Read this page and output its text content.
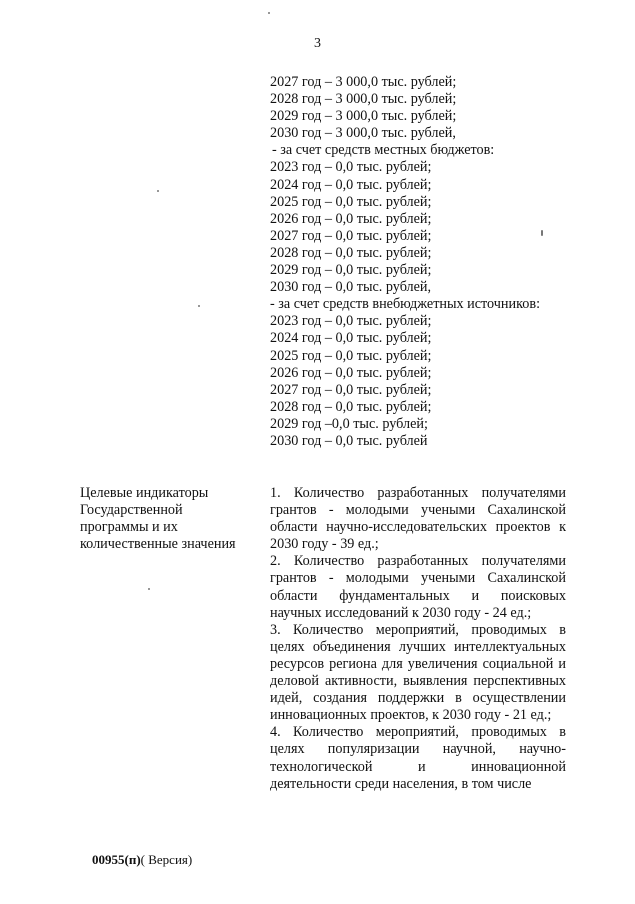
3
2027 год – 3 000,0 тыс. рублей;
2028 год – 3 000,0 тыс. рублей;
2029 год – 3 000,0 тыс. рублей;
2030 год – 3 000,0 тыс. рублей,
- за счет средств местных бюджетов:
2023 год – 0,0 тыс. рублей;
2024 год – 0,0 тыс. рублей;
2025 год – 0,0 тыс. рублей;
2026 год – 0,0 тыс. рублей;
2027 год – 0,0 тыс. рублей;
2028 год – 0,0 тыс. рублей;
2029 год – 0,0 тыс. рублей;
2030 год – 0,0 тыс. рублей,
- за счет средств внебюджетных источников:
2023 год – 0,0 тыс. рублей;
2024 год – 0,0 тыс. рублей;
2025 год – 0,0 тыс. рублей;
2026 год – 0,0 тыс. рублей;
2027 год – 0,0 тыс. рублей;
2028 год – 0,0 тыс. рублей;
2029 год –0,0 тыс. рублей;
2030 год – 0,0 тыс. рублей
Целевые индикаторы
Государственной
программы и их
количественные значения
1. Количество разработанных получателями грантов - молодыми учеными Сахалинской области научно-исследовательских проектов к 2030 году - 39 ед.;
2. Количество разработанных получателями грантов - молодыми учеными Сахалинской области фундаментальных и поисковых научных исследований к 2030 году - 24 ед.;
3. Количество мероприятий, проводимых в целях объединения лучших интеллектуальных ресурсов региона для увеличения социальной и деловой активности, выявления перспективных идей, создания поддержки в осуществлении инновационных проектов, к 2030 году - 21 ед.;
4. Количество мероприятий, проводимых в целях популяризации научной, научно-технологической и инновационной деятельности среди населения, в том числе
00955(п)( Версия)
